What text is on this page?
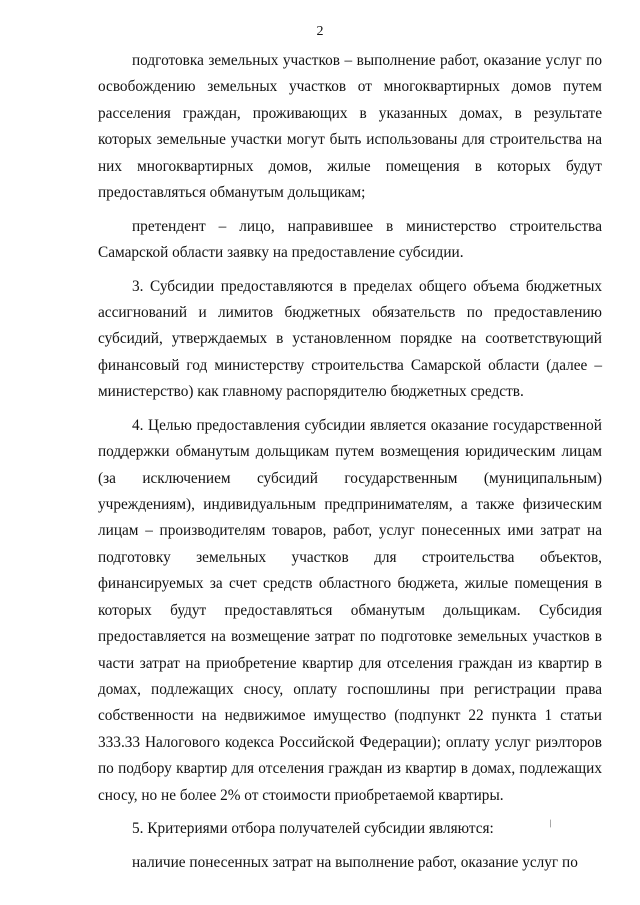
2

подготовка земельных участков – выполнение работ, оказание услуг по освобождению земельных участков от многоквартирных домов путем расселения граждан, проживающих в указанных домах, в результате которых земельные участки могут быть использованы для строительства на них многоквартирных домов, жилые помещения в которых будут предоставляться обманутым дольщикам;

претендент – лицо, направившее в министерство строительства Самарской области заявку на предоставление субсидии.

3. Субсидии предоставляются в пределах общего объема бюджетных ассигнований и лимитов бюджетных обязательств по предоставлению субсидий, утверждаемых в установленном порядке на соответствующий финансовый год министерству строительства Самарской области (далее – министерство) как главному распорядителю бюджетных средств.

4. Целью предоставления субсидии является оказание государственной поддержки обманутым дольщикам путем возмещения юридическим лицам (за исключением субсидий государственным (муниципальным) учреждениям), индивидуальным предпринимателям, а также физическим лицам – производителям товаров, работ, услуг понесенных ими затрат на подготовку земельных участков для строительства объектов, финансируемых за счет средств областного бюджета, жилые помещения в которых будут предоставляться обманутым дольщикам. Субсидия предоставляется на возмещение затрат по подготовке земельных участков в части затрат на приобретение квартир для отселения граждан из квартир в домах, подлежащих сносу, оплату госпошлины при регистрации права собственности на недвижимое имущество (подпункт 22 пункта 1 статьи 333.33 Налогового кодекса Российской Федерации); оплату услуг риэлторов по подбору квартир для отселения граждан из квартир в домах, подлежащих сносу, но не более 2% от стоимости приобретаемой квартиры.

5. Критериями отбора получателей субсидии являются:

наличие понесенных затрат на выполнение работ, оказание услуг по

/
